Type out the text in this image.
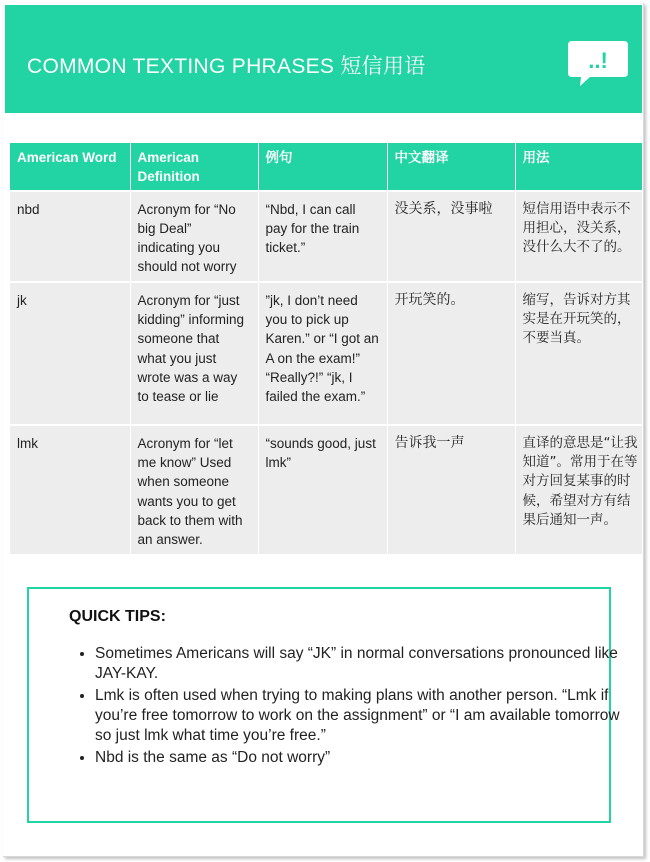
COMMON TEXTING PHRASES 短信用语	..!
American Word	American Definition	例句	中文翻译	用法
nbd	Acronym for “No big Deal” indicating you should not worry	“Nbd, I can call pay for the train ticket.”	没关系，没事啦	短信用语中表示不用担心，没关系，没什么大不了的。
jk	Acronym for “just kidding” informing someone that what you just wrote was a way to tease or lie	”jk, I don’t need you to pick up Karen.” or “I got an A on the exam!” “Really?!” “jk, I failed the exam.”	开玩笑的。	缩写，告诉对方其实是在开玩笑的，不要当真。
lmk	Acronym for “let me know” Used when someone wants you to get back to them with an answer.	“sounds good, just lmk”	告诉我一声	直译的意思是“让我知道”。常用于在等对方回复某事的时候，希望对方有结果后通知一声。
QUICK TIPS:
• Sometimes Americans will say “JK” in normal conversations pronounced like JAY-KAY.
• Lmk is often used when trying to making plans with another person. “Lmk if you’re free tomorrow to work on the assignment” or “I am available tomorrow so just lmk what time you’re free.”
• Nbd is the same as “Do not worry”
